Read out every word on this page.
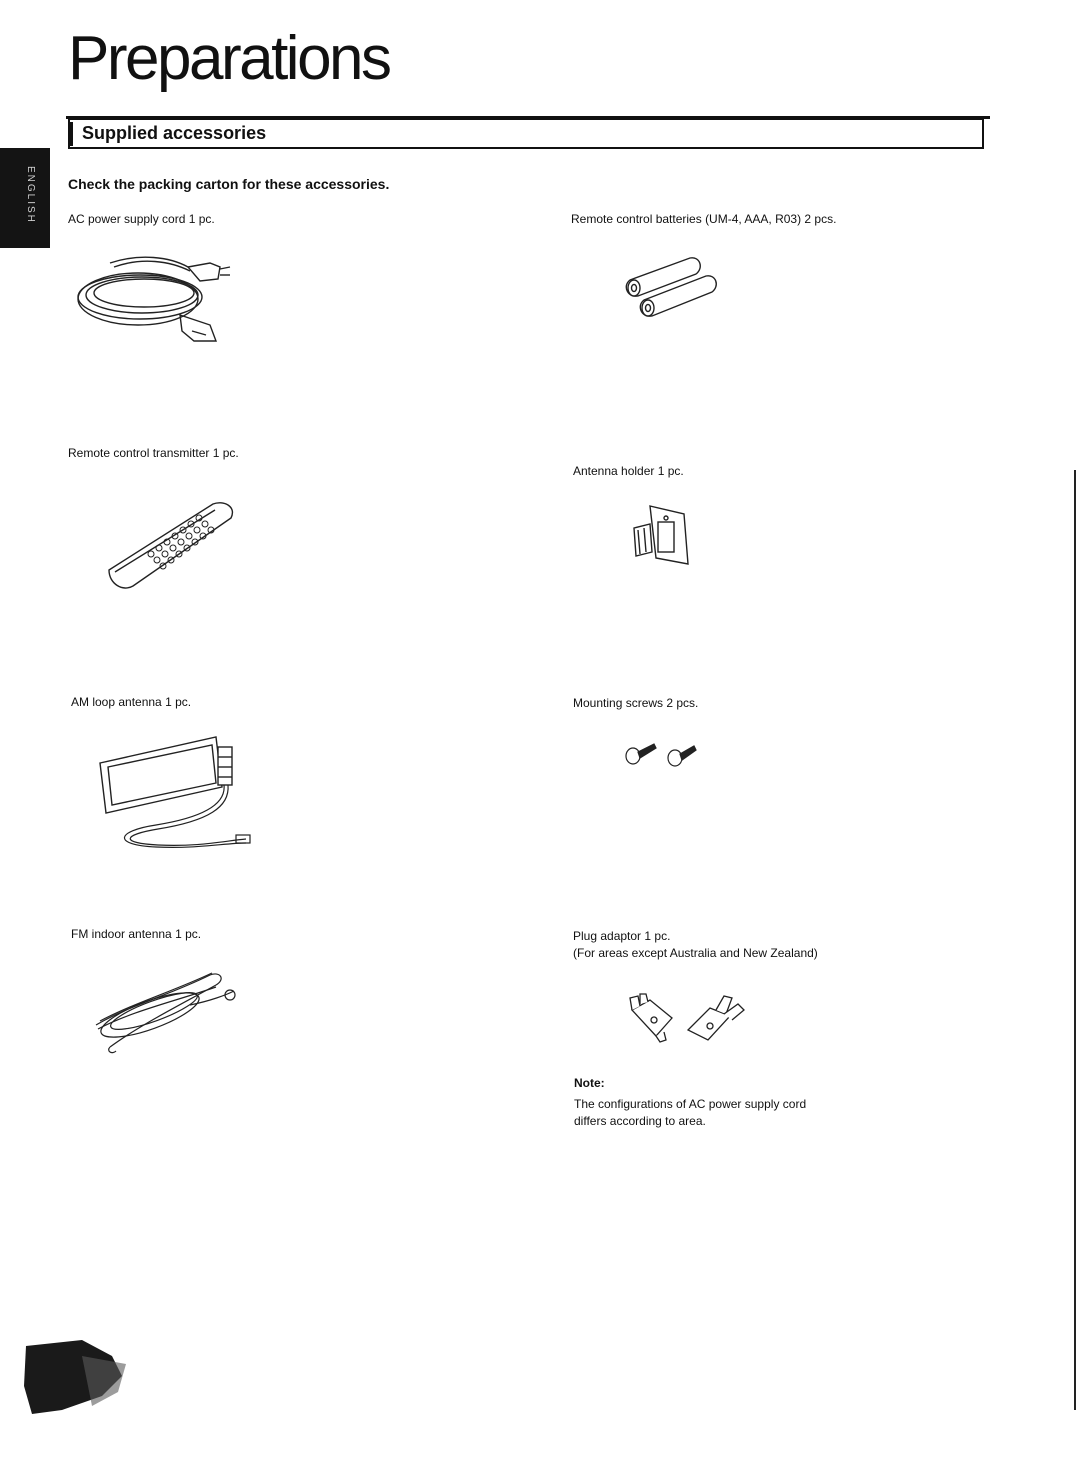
Preparations
Supplied accessories
ENGLISH Check the packing carton for these accessories.
AC power supply cord 1 pc.	Remote control batteries (UM-4, AAA, R03) 2 pcs.
Remote control transmitter 1 pc.
Antenna holder 1 pc.
AM loop antenna 1 pc.	Mounting screws 2 pcs.
FM indoor antenna 1 pc.	Plug adaptor 1 pc.
(For areas except Australia and New Zealand)
Note:
The configurations of AC power supply cord
differs according to area.
